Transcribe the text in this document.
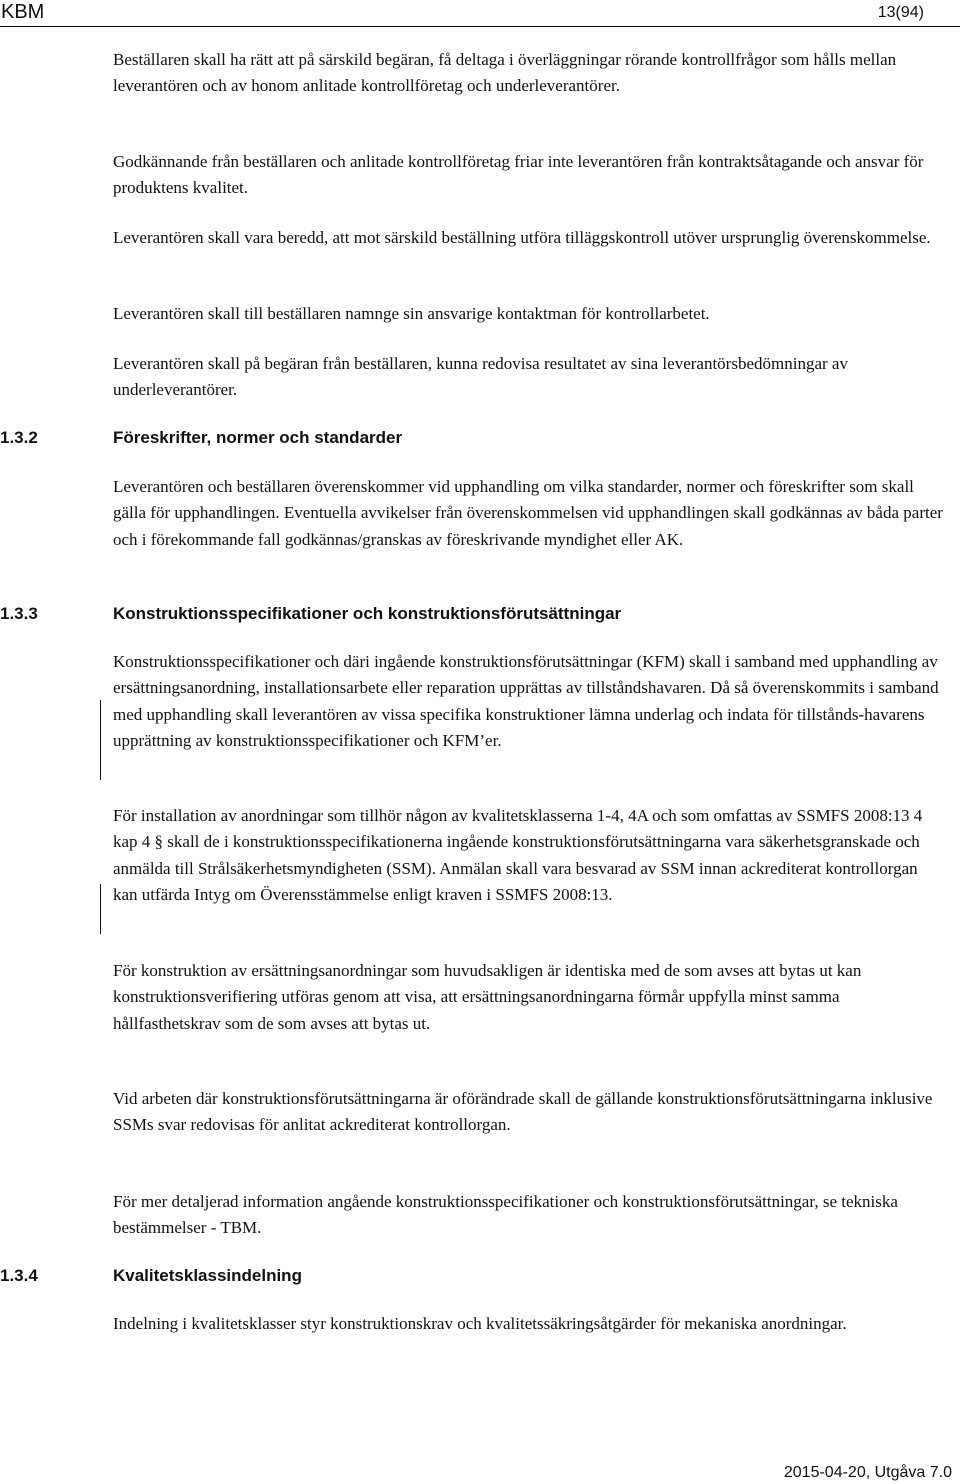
KBM	13(94)

Beställaren skall ha rätt att på särskild begäran, få deltaga i överläggningar rörande kontrollfrågor som hålls mellan leverantören och av honom anlitade kontrollföretag och underleverantörer.

Godkännande från beställaren och anlitade kontrollföretag friar inte leverantören från kontraktsåtagande och ansvar för produktens kvalitet.

Leverantören skall vara beredd, att mot särskild beställning utföra tilläggskontroll utöver ursprunglig överenskommelse.

Leverantören skall till beställaren namnge sin ansvarige kontaktman för kontrollarbetet.

Leverantören skall på begäran från beställaren, kunna redovisa resultatet av sina leverantörsbedömningar av underleverantörer.

1.3.2	Föreskrifter, normer och standarder

Leverantören och beställaren överenskommer vid upphandling om vilka standarder, normer och föreskrifter som skall gälla för upphandlingen. Eventuella avvikelser från överenskommelsen vid upphandlingen skall godkännas av båda parter och i förekommande fall godkännas/granskas av föreskrivande myndighet eller AK.

1.3.3	Konstruktionsspecifikationer och konstruktionsförutsättningar

Konstruktionsspecifikationer och däri ingående konstruktionsförutsättningar (KFM) skall i samband med upphandling av ersättningsanordning, installationsarbete eller reparation upprättas av tillståndshavaren. Då så överenskommits i samband med upphandling skall leverantören av vissa specifika konstruktioner lämna underlag och indata för tillstånds-havarens upprättning av konstruktionsspecifikationer och KFM’er.

För installation av anordningar som tillhör någon av kvalitetsklasserna 1-4, 4A och som omfattas av SSMFS 2008:13 4 kap 4 § skall de i konstruktionsspecifikationerna ingående konstruktionsförutsättningarna vara säkerhetsgranskade och anmälda till Strålsäkerhetsmyndigheten (SSM). Anmälan skall vara besvarad av SSM innan ackrediterat kontrollorgan kan utfärda Intyg om Överensstämmelse enligt kraven i SSMFS 2008:13.

För konstruktion av ersättningsanordningar som huvudsakligen är identiska med de som avses att bytas ut kan konstruktionsverifiering utföras genom att visa, att ersättningsanordningarna förmår uppfylla minst samma hållfasthetskrav som de som avses att bytas ut.

Vid arbeten där konstruktionsförutsättningarna är oförändrade skall de gällande konstruktionsförutsättningarna inklusive SSMs svar redovisas för anlitat ackrediterat kontrollorgan.

För mer detaljerad information angående konstruktionsspecifikationer och konstruktionsförutsättningar, se tekniska bestämmelser - TBM.

1.3.4	Kvalitetsklassindelning

Indelning i kvalitetsklasser styr konstruktionskrav och kvalitetssäkringsåtgärder för mekaniska anordningar.

2015-04-20, Utgåva 7.0
